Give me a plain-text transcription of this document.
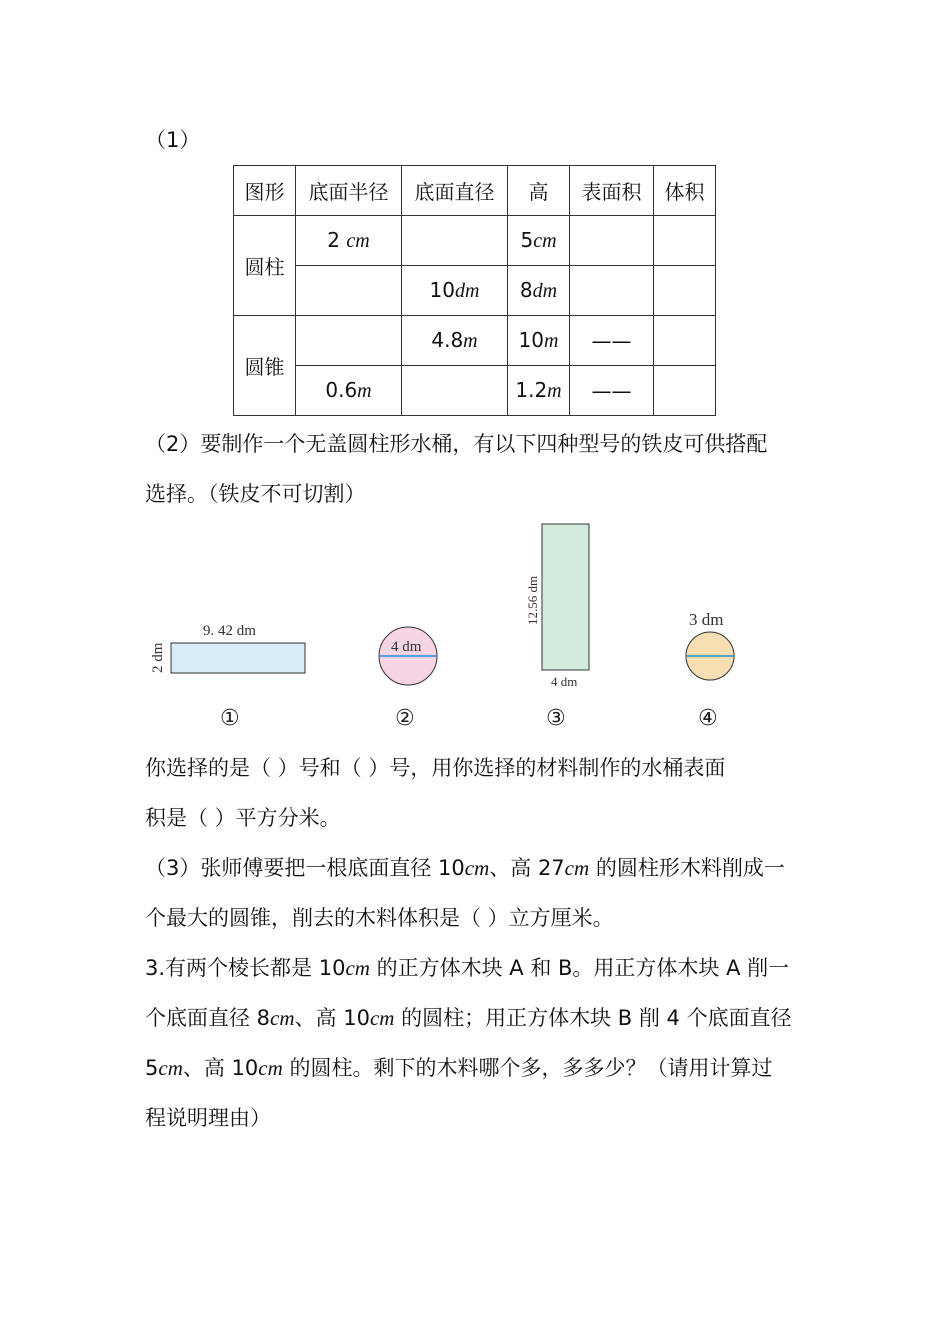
（1）
图形	底面半径	底面直径	高	表面积	体积
圆柱	2 cm		5cm		
		10dm	8dm		
圆锥		4.8m	10m	——	
	0.6m		1.2m	——	
（2）要制作一个无盖圆柱形水桶，有以下四种型号的铁皮可供搭配
选择。（铁皮不可切割）
9. 42 dm
2 dm
①
4 dm
②
12.56 dm
4 dm
③
3 dm
④
你选择的是（ ）号和（ ）号，用你选择的材料制作的水桶表面
积是（ ）平方分米。
（3）张师傅要把一根底面直径 10cm、高 27cm 的圆柱形木料削成一
个最大的圆锥，削去的木料体积是（ ）立方厘米。
3.有两个棱长都是 10cm 的正方体木块 A 和 B。用正方体木块 A 削一
个底面直径 8cm、高 10cm 的圆柱；用正方体木块 B 削 4 个底面直径
5cm、高 10cm 的圆柱。剩下的木料哪个多，多多少？（请用计算过
程说明理由）
